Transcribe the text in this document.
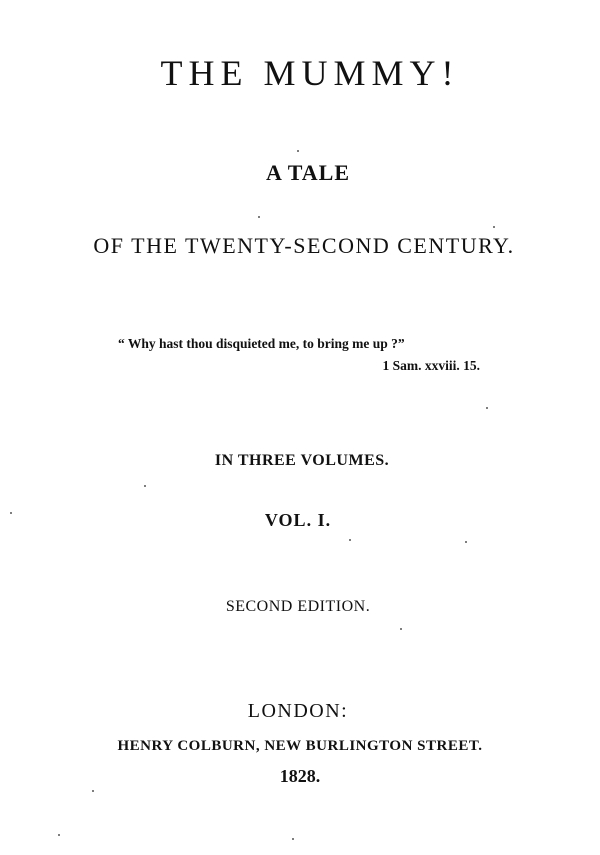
THE MUMMY!
A TALE
OF THE TWENTY-SECOND CENTURY.
“ Why hast thou disquieted me, to bring me up ?”
1 Sam. xxviii. 15.
IN THREE VOLUMES.
VOL. I.
SECOND EDITION.
LONDON:
HENRY COLBURN, NEW BURLINGTON STREET.
1828.
